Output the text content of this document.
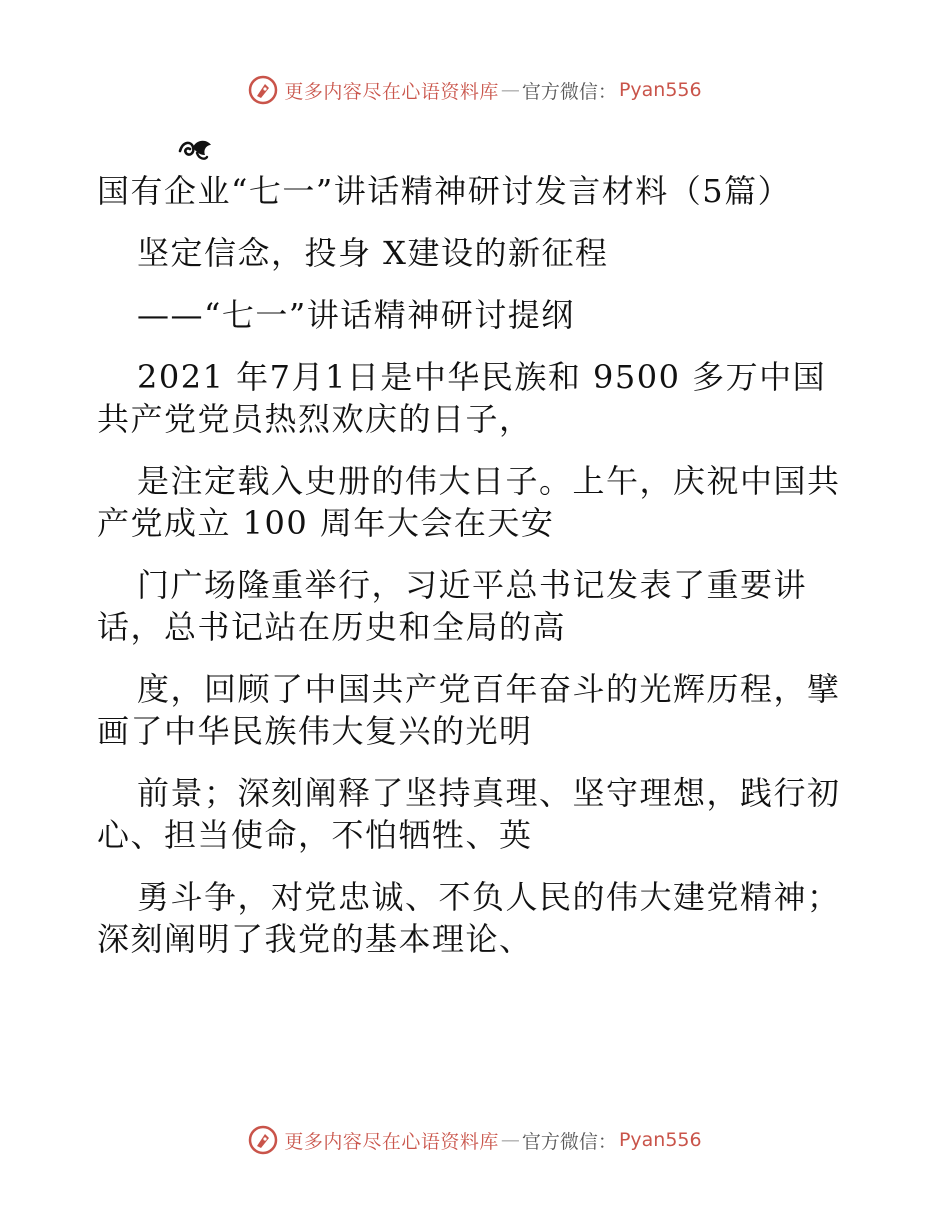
更多内容尽在心语资料库 — 官方微信： Pyan556

国有企业“七一”讲话精神研讨发言材料（5篇）

坚定信念，投身 X建设的新征程

——“七一”讲话精神研讨提纲

2021 年7月1日是中华民族和 9500 多万中国共产党党员热烈欢庆的日子，

是注定载入史册的伟大日子。上午，庆祝中国共产党成立 100 周年大会在天安

门广场隆重举行，习近平总书记发表了重要讲话，总书记站在历史和全局的高

度，回顾了中国共产党百年奋斗的光辉历程，擘画了中华民族伟大复兴的光明

前景；深刻阐释了坚持真理、坚守理想，践行初心、担当使命，不怕牺牲、英

勇斗争，对党忠诚、不负人民的伟大建党精神；深刻阐明了我党的基本理论、

更多内容尽在心语资料库 — 官方微信： Pyan556
